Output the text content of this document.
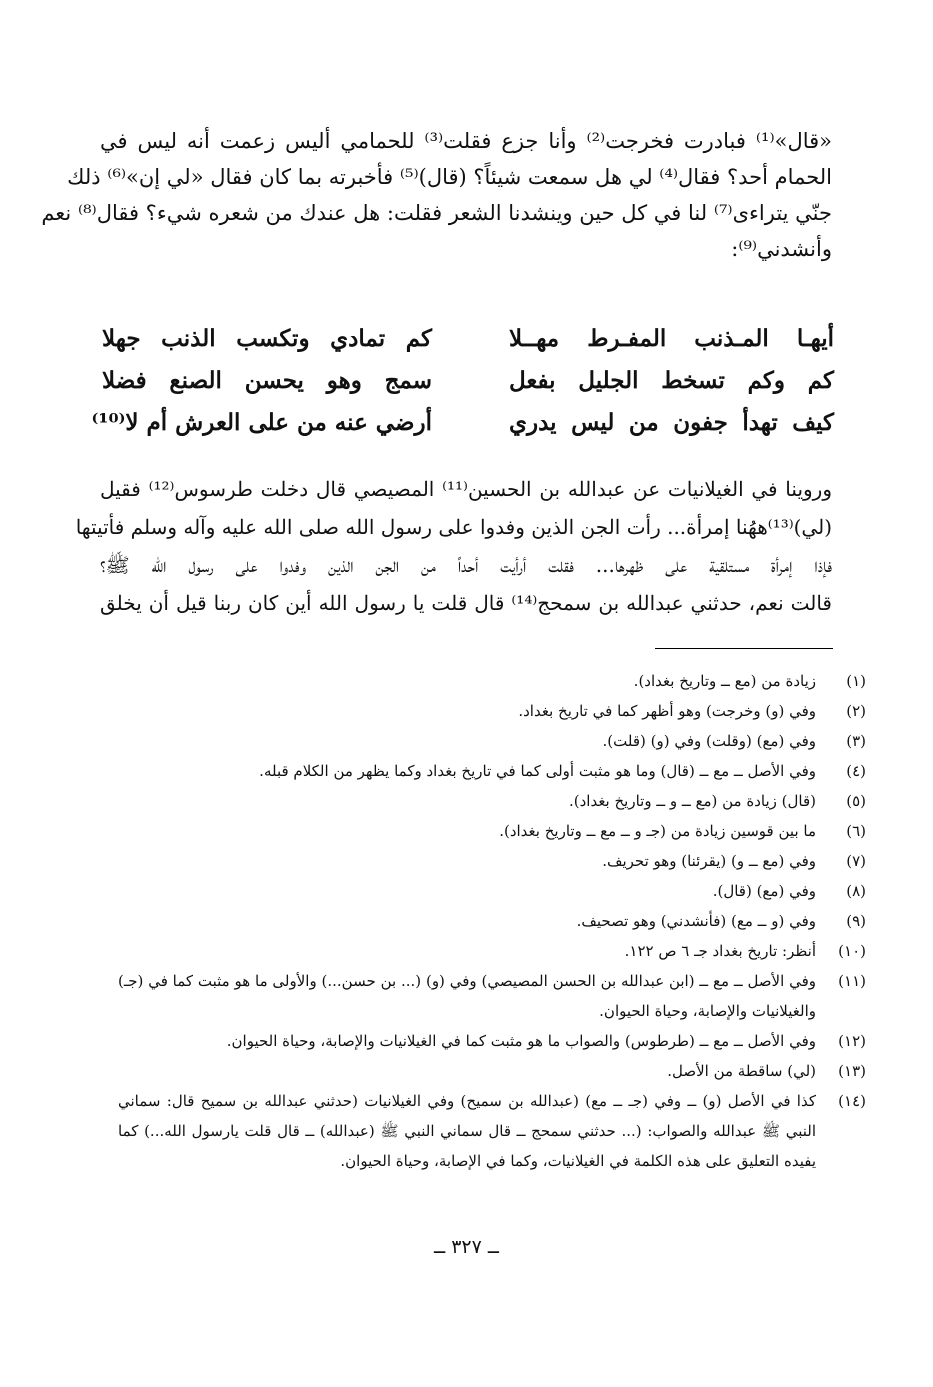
«قال»⁽¹⁾ فبادرت فخرجت⁽²⁾ وأنا جزع فقلت⁽³⁾ للحمامي أليس زعمت أنه ليس في
الحمام أحد؟ فقال⁽⁴⁾ لي هل سمعت شيئاً؟ (قال)⁽⁵⁾ فأخبرته بما كان فقال «لي إن»⁽⁶⁾ ذلك
جنّي يتراءى⁽⁷⁾ لنا في كل حين وينشدنا الشعر فقلت: هل عندك من شعره شيء؟ فقال⁽⁸⁾ نعم
وأنشدني⁽⁹⁾:
أيهـا المـذنب المفـرط مهــلا
كم تمادي وتكسب الذنب جهلا
كم وكم تسخط الجليل بفعل
سمج وهو يحسن الصنع فضلا
كيف تهدأ جفون من ليس يدري
أرضي عنه من على العرش أم لا⁽¹⁰⁾
وروينا في الغيلانيات عن عبدالله بن الحسين⁽¹¹⁾ المصيصي قال دخلت طرسوس⁽¹²⁾ فقيل
(لي)⁽¹³⁾ههُنا إمرأة... رأت الجن الذين وفدوا على رسول الله صلى الله عليه وآله وسلم فأتيتها
فإذا إمرأة مستلقية على ظهرها... فقلت أرأيت أحداً من الجن الذين وفدوا على رسول الله ﷺ؟
قالت نعم، حدثني عبدالله بن سمحج⁽¹⁴⁾ قال قلت يا رسول الله أين كان ربنا قيل أن يخلق
(١)
زيادة من (مع ــ وتاريخ بغداد).
(٢)
وفي (و) وخرجت) وهو أظهر كما في تاريخ بغداد.
(٣)
وفي (مع) (وقلت) وفي (و) (قلت).
(٤)
وفي الأصل ــ مع ــ (قال) وما هو مثبت أولى كما في تاريخ بغداد وكما يظهر من الكلام قبله.
(٥)
(قال) زيادة من (مع ــ و ــ وتاريخ بغداد).
(٦)
ما بين قوسين زيادة من (جـ و ــ مع ــ وتاريخ بغداد).
(٧)
وفي (مع ــ و) (يقرئنا) وهو تحريف.
(٨)
وفي (مع) (قال).
(٩)
وفي (و ــ مع) (فأنشدني) وهو تصحيف.
(١٠)
أنظر: تاريخ بغداد جـ ٦ ص ١٢٢.
(١١)
وفي الأصل ــ مع ــ (ابن عبدالله بن الحسن المصيصي) وفي (و) (... بن حسن...) والأولى ما هو مثبت كما في (جـ) والغيلانيات والإصابة، وحياة الحيوان.
(١٢)
وفي الأصل ــ مع ــ (طرطوس) والصواب ما هو مثبت كما في الغيلانيات والإصابة، وحياة الحيوان.
(١٣)
(لي) ساقطة من الأصل.
(١٤)
كذا في الأصل (و) ــ وفي (جـ ــ مع) (عبدالله بن سميح) وفي الغيلانيات (حدثني عبدالله بن سميح قال: سماني النبي ﷺ عبدالله والصواب: (... حدثني سمحج ــ قال سماني النبي ﷺ (عبدالله) ــ قال قلت يارسول الله...) كما يفيده التعليق على هذه الكلمة في الغيلانيات، وكما في الإصابة، وحياة الحيوان.
ــ ٣٢٧ ــ
